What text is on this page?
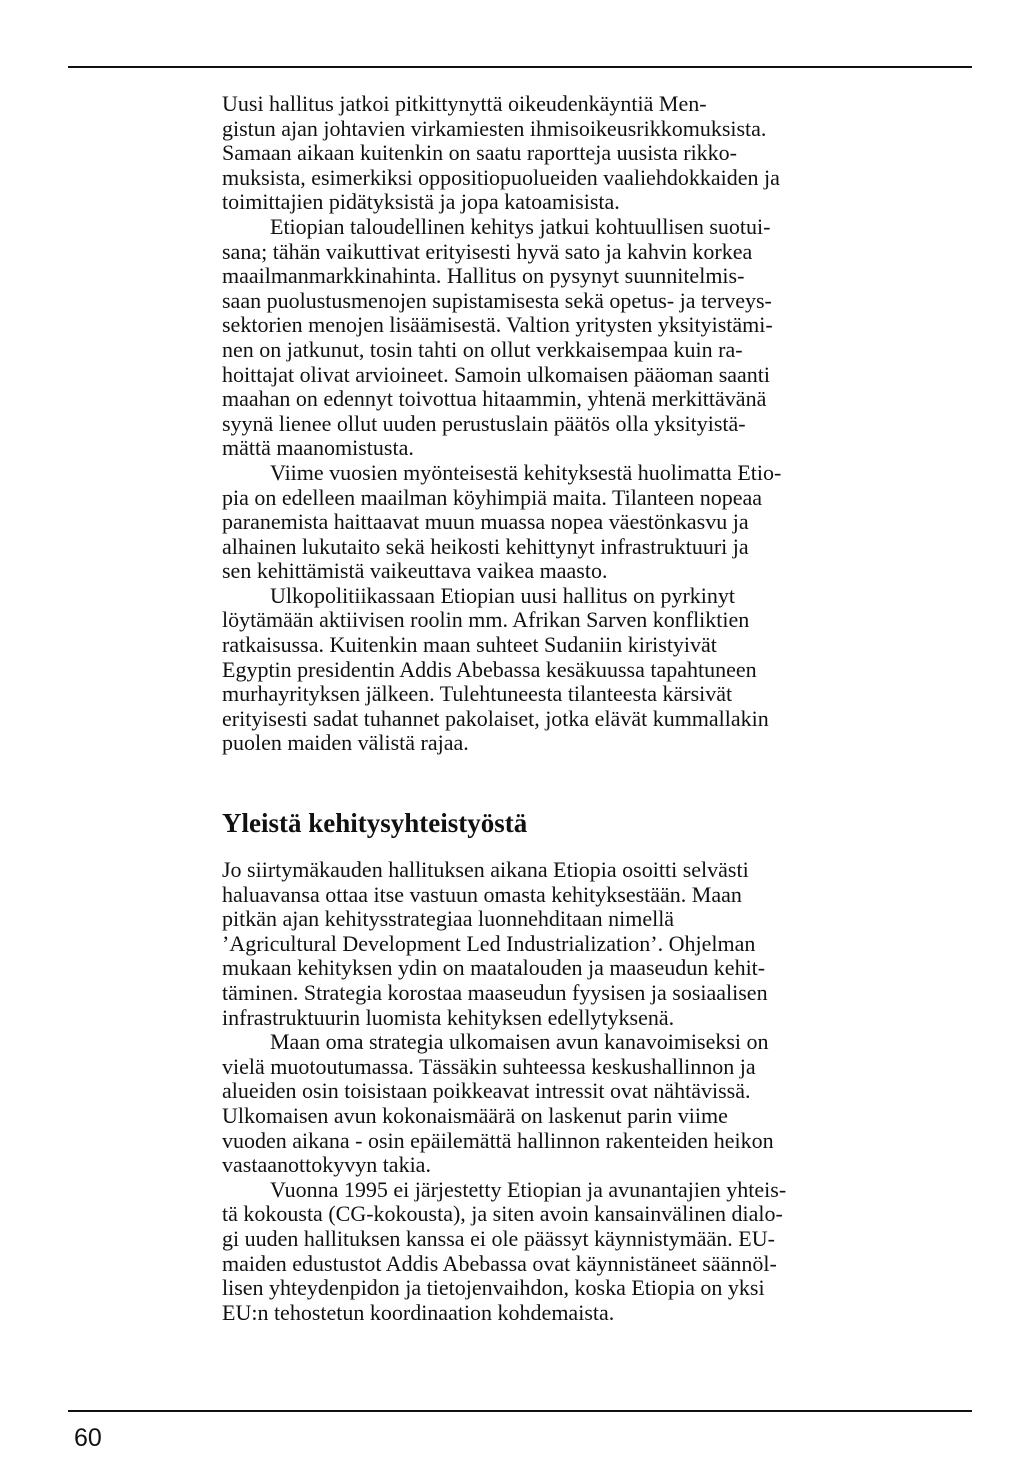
Uusi hallitus jatkoi pitkittynyttä oikeudenkäyntiä Men-
gistun ajan johtavien virkamiesten ihmisoikeusrikkomuksista.
Samaan aikaan kuitenkin on saatu raportteja uusista rikko-
muksista, esimerkiksi oppositiopuolueiden vaaliehdokkaiden ja
toimittajien pidätyksistä ja jopa katoamisista.

Etiopian taloudellinen kehitys jatkui kohtuullisen suotui-
sana; tähän vaikuttivat erityisesti hyvä sato ja kahvin korkea
maailmanmarkkinahinta. Hallitus on pysynyt suunnitelmis-
saan puolustusmenojen supistamisesta sekä opetus- ja terveys-
sektorien menojen lisäämisestä. Valtion yritysten yksityistämi-
nen on jatkunut, tosin tahti on ollut verkkaisempaa kuin ra-
hoittajat olivat arvioineet. Samoin ulkomaisen pääoman saanti
maahan on edennyt toivottua hitaammin, yhtenä merkittävänä
syynä lienee ollut uuden perustuslain päätös olla yksityistä-
mättä maanomistusta.

Viime vuosien myönteisestä kehityksestä huolimatta Etio-
pia on edelleen maailman köyhimpiä maita. Tilanteen nopeaa
paranemista haittaavat muun muassa nopea väestönkasvu ja
alhainen lukutaito sekä heikosti kehittynyt infrastruktuuri ja
sen kehittämistä vaikeuttava vaikea maasto.

Ulkopolitiikassaan Etiopian uusi hallitus on pyrkinyt
löytämään aktiivisen roolin mm. Afrikan Sarven konfliktien
ratkaisussa. Kuitenkin maan suhteet Sudaniin kiristyivät
Egyptin presidentin Addis Abebassa kesäkuussa tapahtuneen
murhayrityksen jälkeen. Tulehtuneesta tilanteesta kärsivät
erityisesti sadat tuhannet pakolaiset, jotka elävät kummallakin
puolen maiden välistä rajaa.

Yleistä kehitysyhteistyöstä

Jo siirtymäkauden hallituksen aikana Etiopia osoitti selvästi
haluavansa ottaa itse vastuun omasta kehityksestään. Maan
pitkän ajan kehitysstrategiaa luonnehditaan nimellä
’Agricultural Development Led Industrialization’. Ohjelman
mukaan kehityksen ydin on maatalouden ja maaseudun kehit-
täminen. Strategia korostaa maaseudun fyysisen ja sosiaalisen
infrastruktuurin luomista kehityksen edellytyksenä.

Maan oma strategia ulkomaisen avun kanavoimiseksi on
vielä muotoutumassa. Tässäkin suhteessa keskushallinnon ja
alueiden osin toisistaan poikkeavat intressit ovat nähtävissä.
Ulkomaisen avun kokonaismäärä on laskenut parin viime
vuoden aikana - osin epäilemättä hallinnon rakenteiden heikon
vastaanottokyvyn takia.

Vuonna 1995 ei järjestetty Etiopian ja avunantajien yhteis-
tä kokousta (CG-kokousta), ja siten avoin kansainvälinen dialo-
gi uuden hallituksen kanssa ei ole päässyt käynnistymään. EU-
maiden edustustot Addis Abebassa ovat käynnistäneet säännöl-
lisen yhteydenpidon ja tietojenvaihdon, koska Etiopia on yksi
EU:n tehostetun koordinaation kohdemaista.

60
